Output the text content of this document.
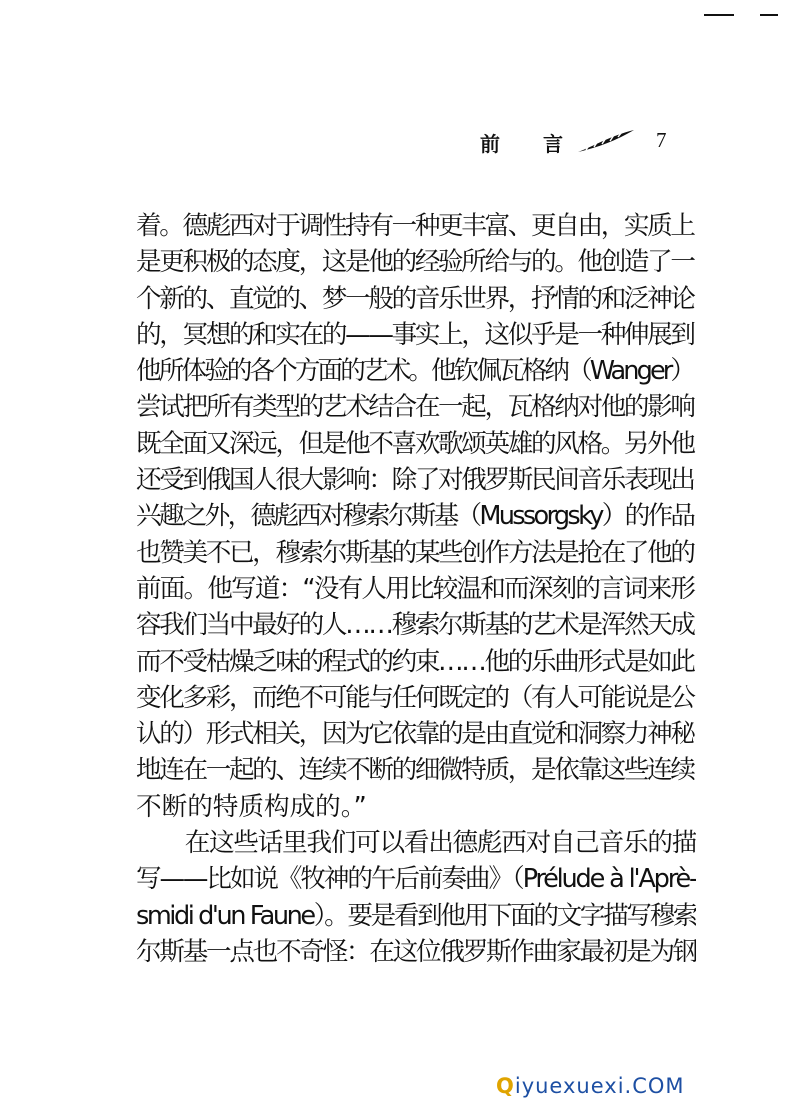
前 言	7
着。德彪西对于调性持有一种更丰富、更自由，实质上
是更积极的态度，这是他的经验所给与的。他创造了一
个新的、直觉的、梦一般的音乐世界，抒情的和泛神论
的，冥想的和实在的——事实上，这似乎是一种伸展到
他所体验的各个方面的艺术。他钦佩瓦格纳（Wanger）
尝试把所有类型的艺术结合在一起，瓦格纳对他的影响
既全面又深远，但是他不喜欢歌颂英雄的风格。另外他
还受到俄国人很大影响：除了对俄罗斯民间音乐表现出
兴趣之外，德彪西对穆索尔斯基（Mussorgsky）的作品
也赞美不已，穆索尔斯基的某些创作方法是抢在了他的
前面。他写道：“没有人用比较温和而深刻的言词来形
容我们当中最好的人……穆索尔斯基的艺术是浑然天成
而不受枯燥乏味的程式的约束……他的乐曲形式是如此
变化多彩，而绝不可能与任何既定的（有人可能说是公
认的）形式相关，因为它依靠的是由直觉和洞察力神秘
地连在一起的、连续不断的细微特质，是依靠这些连续
不断的特质构成的。”
　　在这些话里我们可以看出德彪西对自己音乐的描
写——比如说《牧神的午后前奏曲》（Prélude à l'Aprè-
smidi d'un Faune）。要是看到他用下面的文字描写穆索
尔斯基一点也不奇怪：在这位俄罗斯作曲家最初是为钢
Qiyuexuexi.COM
